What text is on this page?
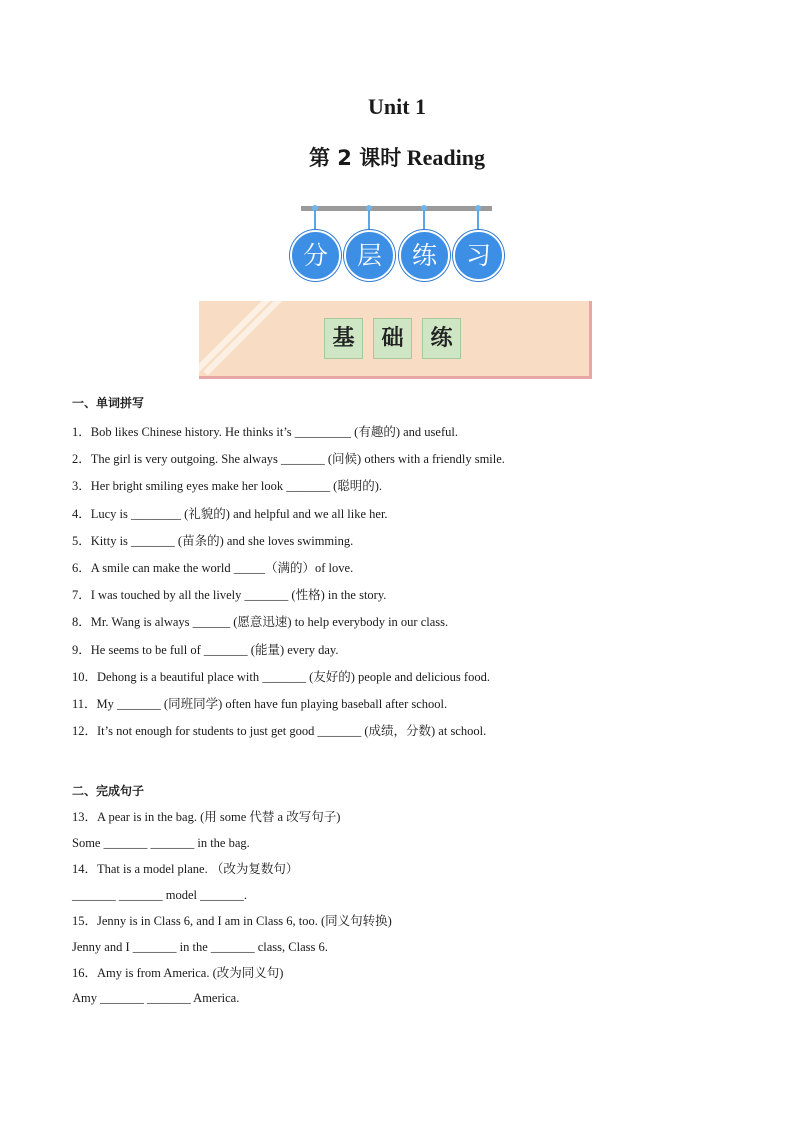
Unit 1
第 2 课时 Reading
分	层	练	习
基	础	练
一、单词拼写
1．Bob likes Chinese history. He thinks it’s _________ (有趣的) and useful.
2．The girl is very outgoing. She always _______ (问候) others with a friendly smile.
3．Her bright smiling eyes make her look _______ (聪明的).
4．Lucy is ________ (礼貌的) and helpful and we all like her.
5．Kitty is _______ (苗条的) and she loves swimming.
6．A smile can make the world _____（满的）of love.
7．I was touched by all the lively _______ (性格) in the story.
8．Mr. Wang is always ______ (愿意迅速) to help everybody in our class.
9．He seems to be full of _______ (能量) every day.
10．Dehong is a beautiful place with _______ (友好的) people and delicious food.
11．My _______ (同班同学) often have fun playing baseball after school.
12．It’s not enough for students to just get good _______ (成绩，分数) at school.
二、完成句子
13．A pear is in the bag. (用 some 代替 a 改写句子)
Some _______ _______ in the bag.
14．That is a model plane. （改为复数句）
_______ _______ model _______.
15．Jenny is in Class 6, and I am in Class 6, too. (同义句转换)
Jenny and I _______ in the _______ class, Class 6.
16．Amy is from America. (改为同义句)
Amy _______ _______ America.
